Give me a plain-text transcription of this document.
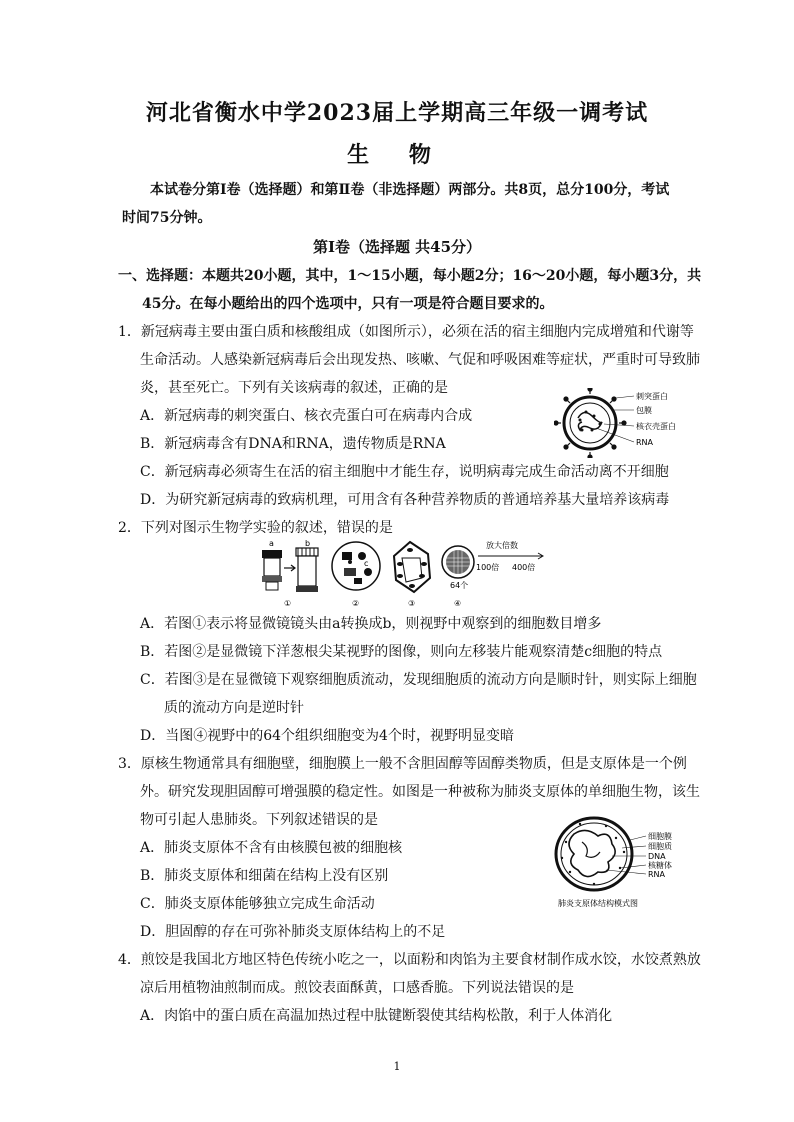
河北省衡水中学2023届上学期高三年级一调考试
生 物
本试卷分第Ⅰ卷（选择题）和第Ⅱ卷（非选择题）两部分。共8页，总分100分，考试时间75分钟。
第Ⅰ卷（选择题 共45分）
一、选择题：本题共20小题，其中，1～15小题，每小题2分；16～20小题，每小题3分，共45分。在每小题给出的四个选项中，只有一项是符合题目要求的。
1．新冠病毒主要由蛋白质和核酸组成（如图所示），必须在活的宿主细胞内完成增殖和代谢等生命活动。人感染新冠病毒后会出现发热、咳嗽、气促和呼吸困难等症状，严重时可导致肺炎，甚至死亡。下列有关该病毒的叙述，正确的是
A．新冠病毒的刺突蛋白、核衣壳蛋白可在病毒内合成
B．新冠病毒含有DNA和RNA，遗传物质是RNA
C．新冠病毒必须寄生在活的宿主细胞中才能生存，说明病毒完成生命活动离不开细胞
D．为研究新冠病毒的致病机理，可用含有各种营养物质的普通培养基大量培养该病毒
刺突蛋白
包膜
核衣壳蛋白
RNA
2．下列对图示生物学实验的叙述，错误的是
a	b
①
c
②	③
64个
放大倍数
100倍 400倍
④
A．若图①表示将显微镜镜头由a转换成b，则视野中观察到的细胞数目增多
B．若图②是显微镜下洋葱根尖某视野的图像，则向左移装片能观察清楚c细胞的特点
C．若图③是在显微镜下观察细胞质流动，发现细胞质的流动方向是顺时针，则实际上细胞质的流动方向是逆时针
D．当图④视野中的64个组织细胞变为4个时，视野明显变暗
3．原核生物通常具有细胞壁，细胞膜上一般不含胆固醇等固醇类物质，但是支原体是一个例外。研究发现胆固醇可增强膜的稳定性。如图是一种被称为肺炎支原体的单细胞生物，该生物可引起人患肺炎。下列叙述错误的是
A．肺炎支原体不含有由核膜包被的细胞核
B．肺炎支原体和细菌在结构上没有区别
C．肺炎支原体能够独立完成生命活动
D．胆固醇的存在可弥补肺炎支原体结构上的不足
细胞膜
细胞质
DNA
核糖体
RNA
肺炎支原体结构模式图
4．煎饺是我国北方地区特色传统小吃之一，以面粉和肉馅为主要食材制作成水饺，水饺煮熟放凉后用植物油煎制而成。煎饺表面酥黄，口感香脆。下列说法错误的是
A．肉馅中的蛋白质在高温加热过程中肽键断裂使其结构松散，利于人体消化
1
